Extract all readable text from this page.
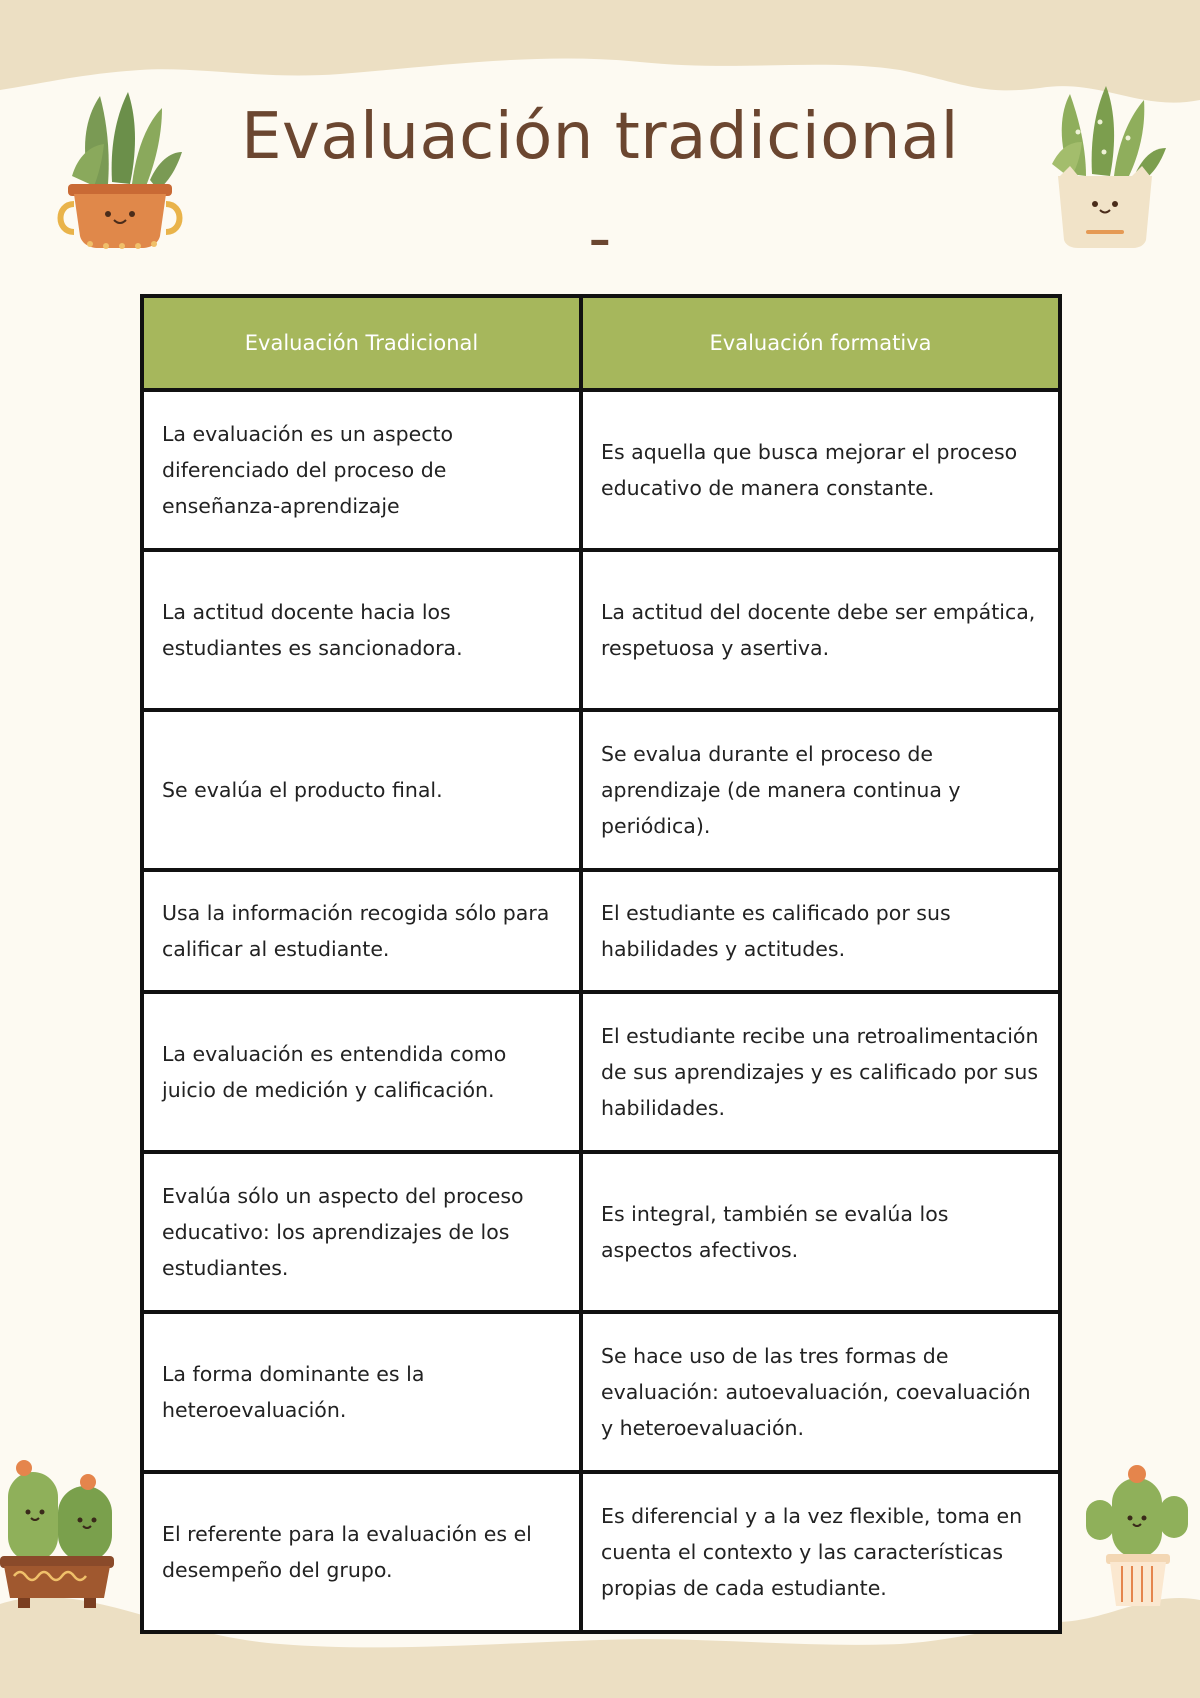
Evaluación tradicional -
Evaluación Tradicional	Evaluación formativa
La evaluación es un aspecto diferenciado del proceso de enseñanza-aprendizaje	Es aquella que busca mejorar el proceso educativo de manera constante.
La actitud docente hacia los estudiantes es sancionadora.	La actitud del docente debe ser empática, respetuosa y asertiva.
Se evalúa el producto final.	Se evalua durante el proceso de aprendizaje (de manera continua y periódica).
Usa la información recogida sólo para calificar al estudiante.	El estudiante es calificado por sus habilidades y actitudes.
La evaluación es entendida como juicio de medición y calificación.	El estudiante recibe una retroalimentación de sus aprendizajes y es calificado por sus habilidades.
Evalúa sólo un aspecto del proceso educativo: los aprendizajes de los estudiantes.	Es integral, también se evalúa los aspectos afectivos.
La forma dominante es la heteroevaluación.	Se hace uso de las tres formas de evaluación: autoevaluación, coevaluación y heteroevaluación.
El referente para la evaluación es el desempeño del grupo.	Es diferencial y a la vez flexible, toma en cuenta el contexto y las características propias de cada estudiante.
